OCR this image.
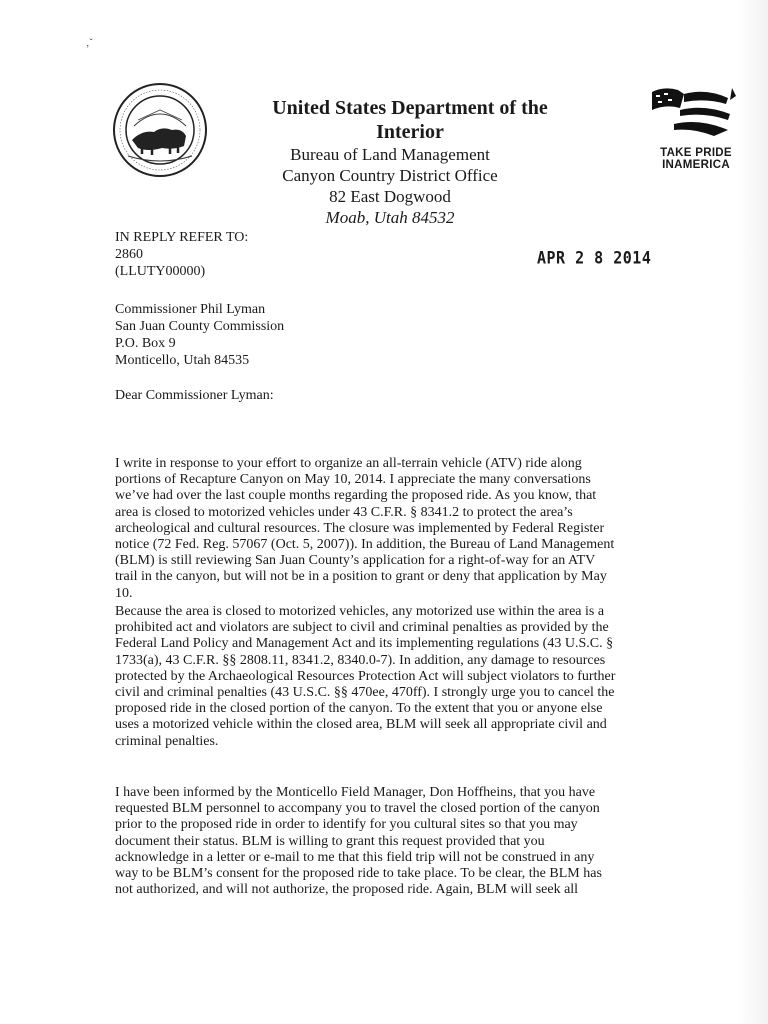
‚ˇ
United States Department of the Interior
Bureau of Land Management
Canyon Country District Office
82 East Dogwood
Moab, Utah 84532
TAKE PRIDE
INAMERICA
IN REPLY REFER TO:
2860
(LLUTY00000)
APR 2 8 2014
Commissioner Phil Lyman
San Juan County Commission
P.O. Box 9
Monticello, Utah 84535
Dear Commissioner Lyman:
I write in response to your effort to organize an all-terrain vehicle (ATV) ride along
portions of Recapture Canyon on May 10, 2014. I appreciate the many conversations
we’ve had over the last couple months regarding the proposed ride. As you know, that
area is closed to motorized vehicles under 43 C.F.R. § 8341.2 to protect the area’s
archeological and cultural resources. The closure was implemented by Federal Register
notice (72 Fed. Reg. 57067 (Oct. 5, 2007)). In addition, the Bureau of Land Management
(BLM) is still reviewing San Juan County’s application for a right-of-way for an ATV
trail in the canyon, but will not be in a position to grant or deny that application by May
10.
Because the area is closed to motorized vehicles, any motorized use within the area is a
prohibited act and violators are subject to civil and criminal penalties as provided by the
Federal Land Policy and Management Act and its implementing regulations (43 U.S.C. §
1733(a), 43 C.F.R. §§ 2808.11, 8341.2, 8340.0-7). In addition, any damage to resources
protected by the Archaeological Resources Protection Act will subject violators to further
civil and criminal penalties (43 U.S.C. §§ 470ee, 470ff). I strongly urge you to cancel the
proposed ride in the closed portion of the canyon. To the extent that you or anyone else
uses a motorized vehicle within the closed area, BLM will seek all appropriate civil and
criminal penalties.
I have been informed by the Monticello Field Manager, Don Hoffheins, that you have
requested BLM personnel to accompany you to travel the closed portion of the canyon
prior to the proposed ride in order to identify for you cultural sites so that you may
document their status. BLM is willing to grant this request provided that you
acknowledge in a letter or e-mail to me that this field trip will not be construed in any
way to be BLM’s consent for the proposed ride to take place. To be clear, the BLM has
not authorized, and will not authorize, the proposed ride. Again, BLM will seek all
